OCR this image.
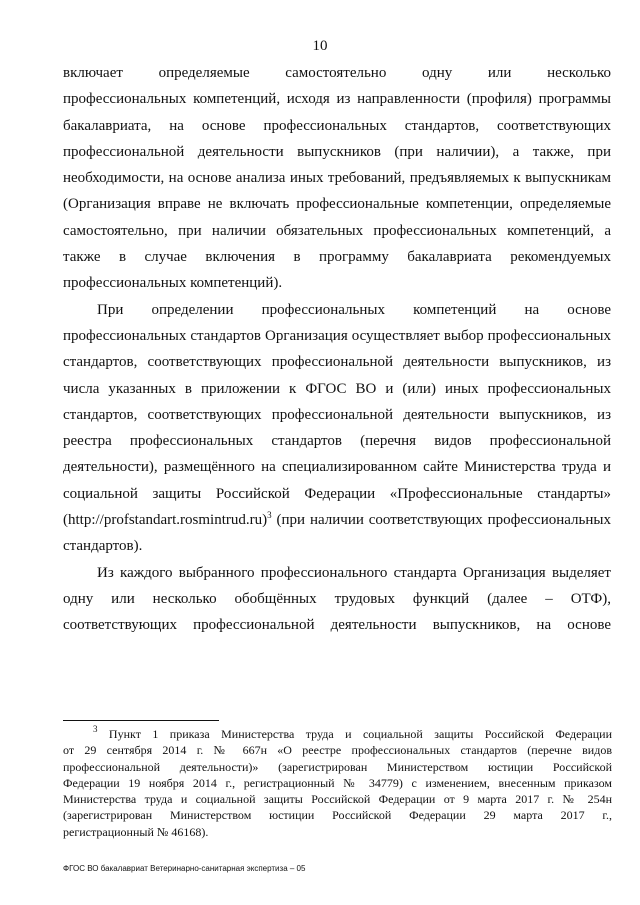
10
включает определяемые самостоятельно одну или несколько
профессиональных компетенций, исходя из направленности (профиля) программы
бакалавриата, на основе профессиональных стандартов, соответствующих
профессиональной деятельности выпускников (при наличии), а также, при
необходимости, на основе анализа иных требований, предъявляемых к выпускникам
(Организация вправе не включать профессиональные компетенции, определяемые
самостоятельно, при наличии обязательных профессиональных компетенций, а
также в случае включения в программу бакалавриата рекомендуемых
профессиональных компетенций).
При определении профессиональных компетенций на основе
профессиональных стандартов Организация осуществляет выбор профессиональных
стандартов, соответствующих профессиональной деятельности выпускников, из
числа указанных в приложении к ФГОС ВО и (или) иных профессиональных
стандартов, соответствующих профессиональной деятельности выпускников, из
реестра профессиональных стандартов (перечня видов профессиональной
деятельности), размещённого на специализированном сайте Министерства труда и
социальной защиты Российской Федерации «Профессиональные стандарты»
(http://profstandart.rosmintrud.ru)$^3$ (при наличии соответствующих профессиональных
стандартов).
Из каждого выбранного профессионального стандарта Организация выделяет
одну или несколько обобщённых трудовых функций (далее – ОТФ),
соответствующих профессиональной деятельности выпускников, на основе
$^3$ Пункт 1 приказа Министерства труда и социальной защиты Российской Федерации
от 29 сентября 2014 г. № 667н «О реестре профессиональных стандартов (перечне видов
профессиональной деятельности)» (зарегистрирован Министерством юстиции Российской
Федерации 19 ноября 2014 г., регистрационный № 34779) с изменением, внесенным приказом
Министерства труда и социальной защиты Российской Федерации от 9 марта 2017 г. № 254н
(зарегистрирован Министерством юстиции Российской Федерации 29 марта 2017 г.,
регистрационный № 46168).
ФГОС ВО бакалавриат Ветеринарно-санитарная экспертиза – 05
